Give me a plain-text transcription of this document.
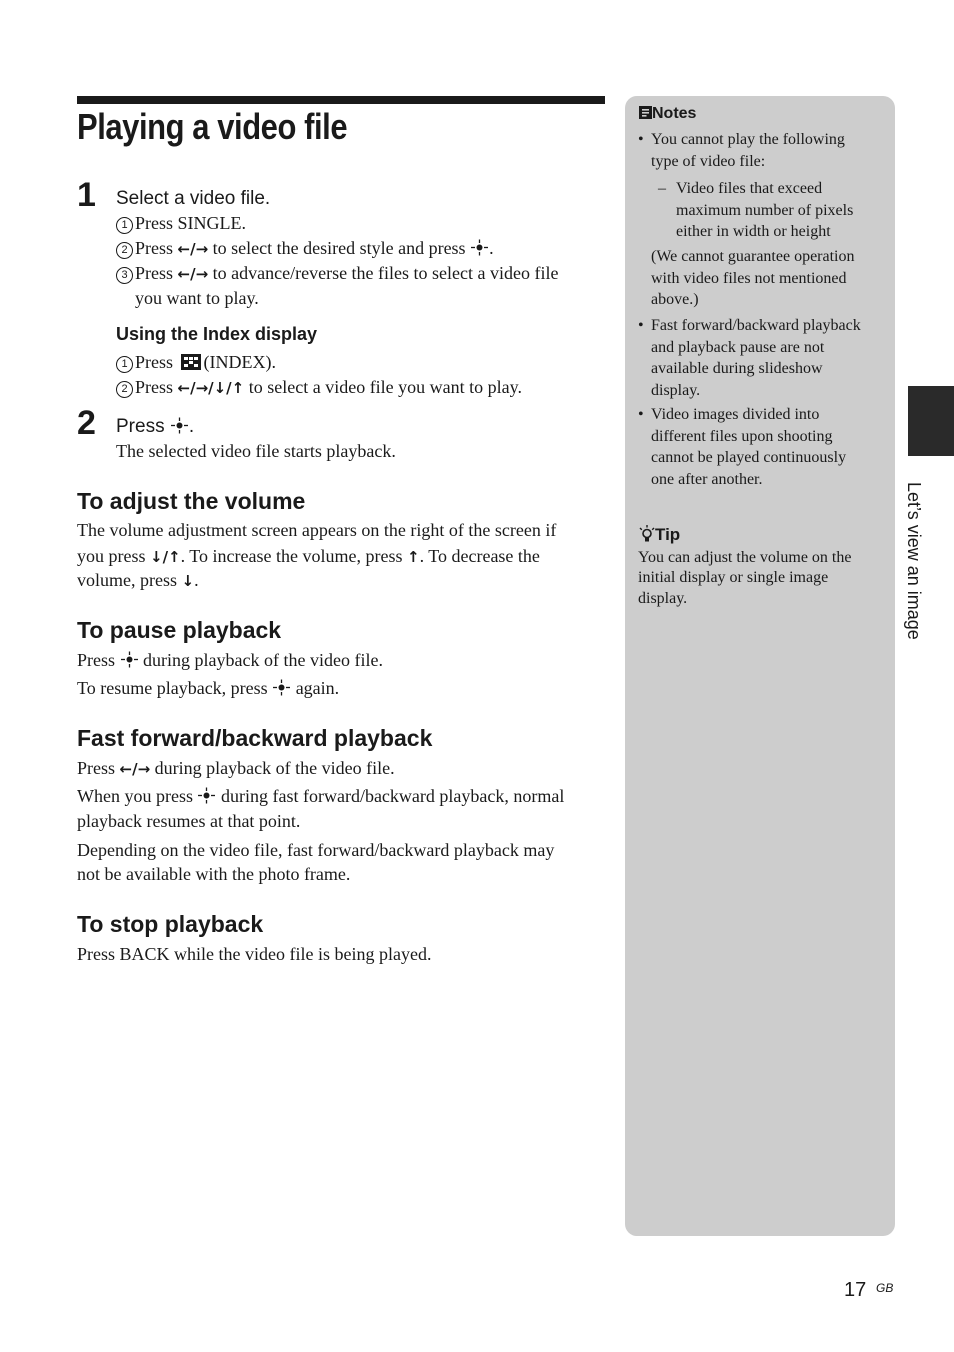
Playing a video file
1 Select a video file.
1 Press SINGLE.
2 Press ←/→ to select the desired style and press .
3 Press ←/→ to advance/reverse the files to select a video file
you want to play.
Using the Index display
1 Press (INDEX).
2 Press ←/→/↓/↑ to select a video file you want to play.
2 Press .
The selected video file starts playback.
To adjust the volume
The volume adjustment screen appears on the right of the screen if
you press ↓/↑. To increase the volume, press ↑. To decrease the
volume, press ↓.
To pause playback
Press  during playback of the video file.
To resume playback, press  again.
Fast forward/backward playback
Press ←/→ during playback of the video file.
When you press  during fast forward/backward playback, normal
playback resumes at that point.
Depending on the video file, fast forward/backward playback may
not be available with the photo frame.
To stop playback
Press BACK while the video file is being played.
Notes
• You cannot play the following
type of video file:
– Video files that exceed
maximum number of pixels
either in width or height
(We cannot guarantee operation
with video files not mentioned
above.)
• Fast forward/backward playback
and playback pause are not
available during slideshow
display.
• Video images divided into
different files upon shooting
cannot be played continuously
one after another.
Tip
You can adjust the volume on the
initial display or single image
display.	Let’s view an image
17 GB
